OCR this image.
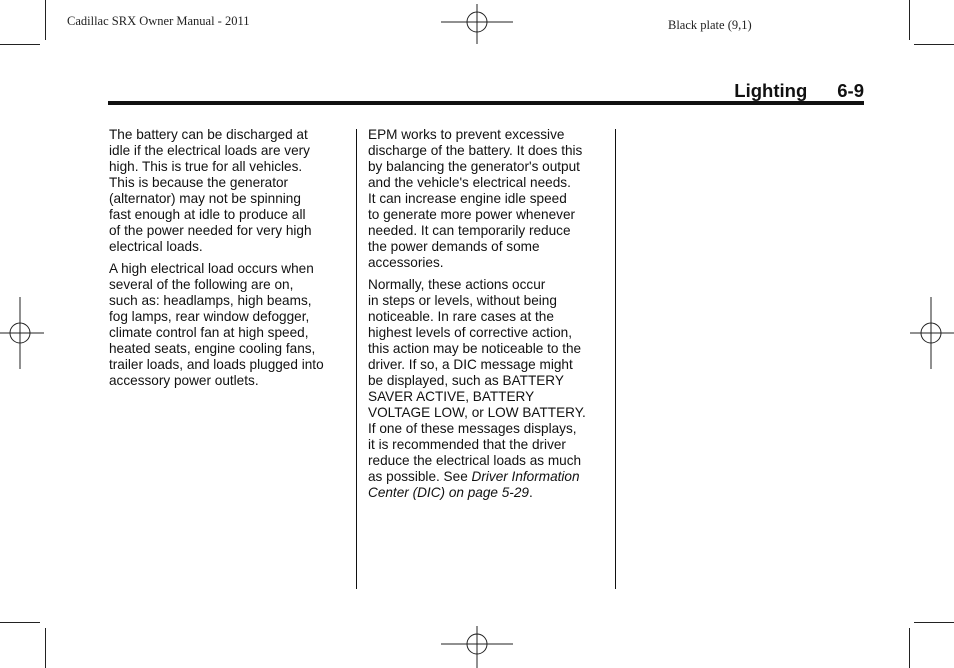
Cadillac SRX Owner Manual - 2011	Black plate (9,1)
Lighting 6-9

The battery can be discharged at
idle if the electrical loads are very
high. This is true for all vehicles.
This is because the generator
(alternator) may not be spinning
fast enough at idle to produce all
of the power needed for very high
electrical loads.

A high electrical load occurs when
several of the following are on,
such as: headlamps, high beams,
fog lamps, rear window defogger,
climate control fan at high speed,
heated seats, engine cooling fans,
trailer loads, and loads plugged into
accessory power outlets.

EPM works to prevent excessive
discharge of the battery. It does this
by balancing the generator's output
and the vehicle's electrical needs.
It can increase engine idle speed
to generate more power whenever
needed. It can temporarily reduce
the power demands of some
accessories.

Normally, these actions occur
in steps or levels, without being
noticeable. In rare cases at the
highest levels of corrective action,
this action may be noticeable to the
driver. If so, a DIC message might
be displayed, such as BATTERY
SAVER ACTIVE, BATTERY
VOLTAGE LOW, or LOW BATTERY.
If one of these messages displays,
it is recommended that the driver
reduce the electrical loads as much
as possible. See Driver Information
Center (DIC) on page 5-29.
